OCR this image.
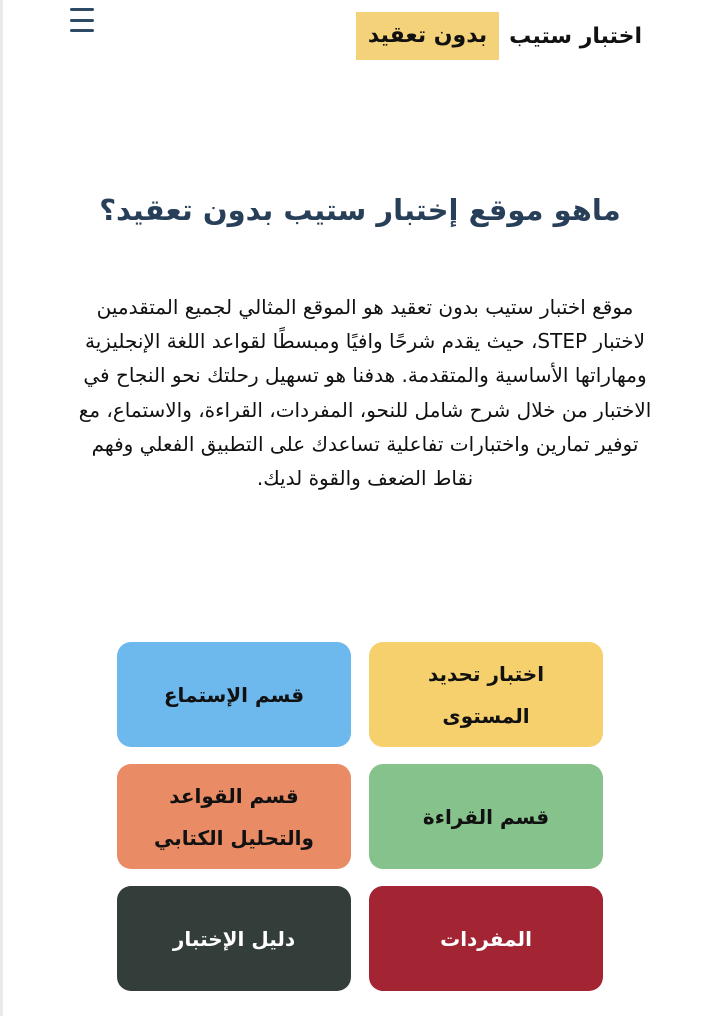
اختبار ستيب
بدون تعقيد
ماهو موقع إختبار ستيب بدون تعقيد؟

موقع اختبار ستيب بدون تعقيد هو الموقع المثالي لجميع المتقدمين لاختبار STEP، حيث يقدم شرحًا وافيًا ومبسطًا لقواعد اللغة الإنجليزية ومهاراتها الأساسية والمتقدمة. هدفنا هو تسهيل رحلتك نحو النجاح في الاختبار من خلال شرح شامل للنحو، المفردات، القراءة، والاستماع، مع توفير تمارين واختبارات تفاعلية تساعدك على التطبيق الفعلي وفهم نقاط الضعف والقوة لديك.

اختبار تحديد
المستوى
قسم الإستماع
قسم القراءة
قسم القواعد
والتحليل الكتابي
المفردات
دليل الإختبار
